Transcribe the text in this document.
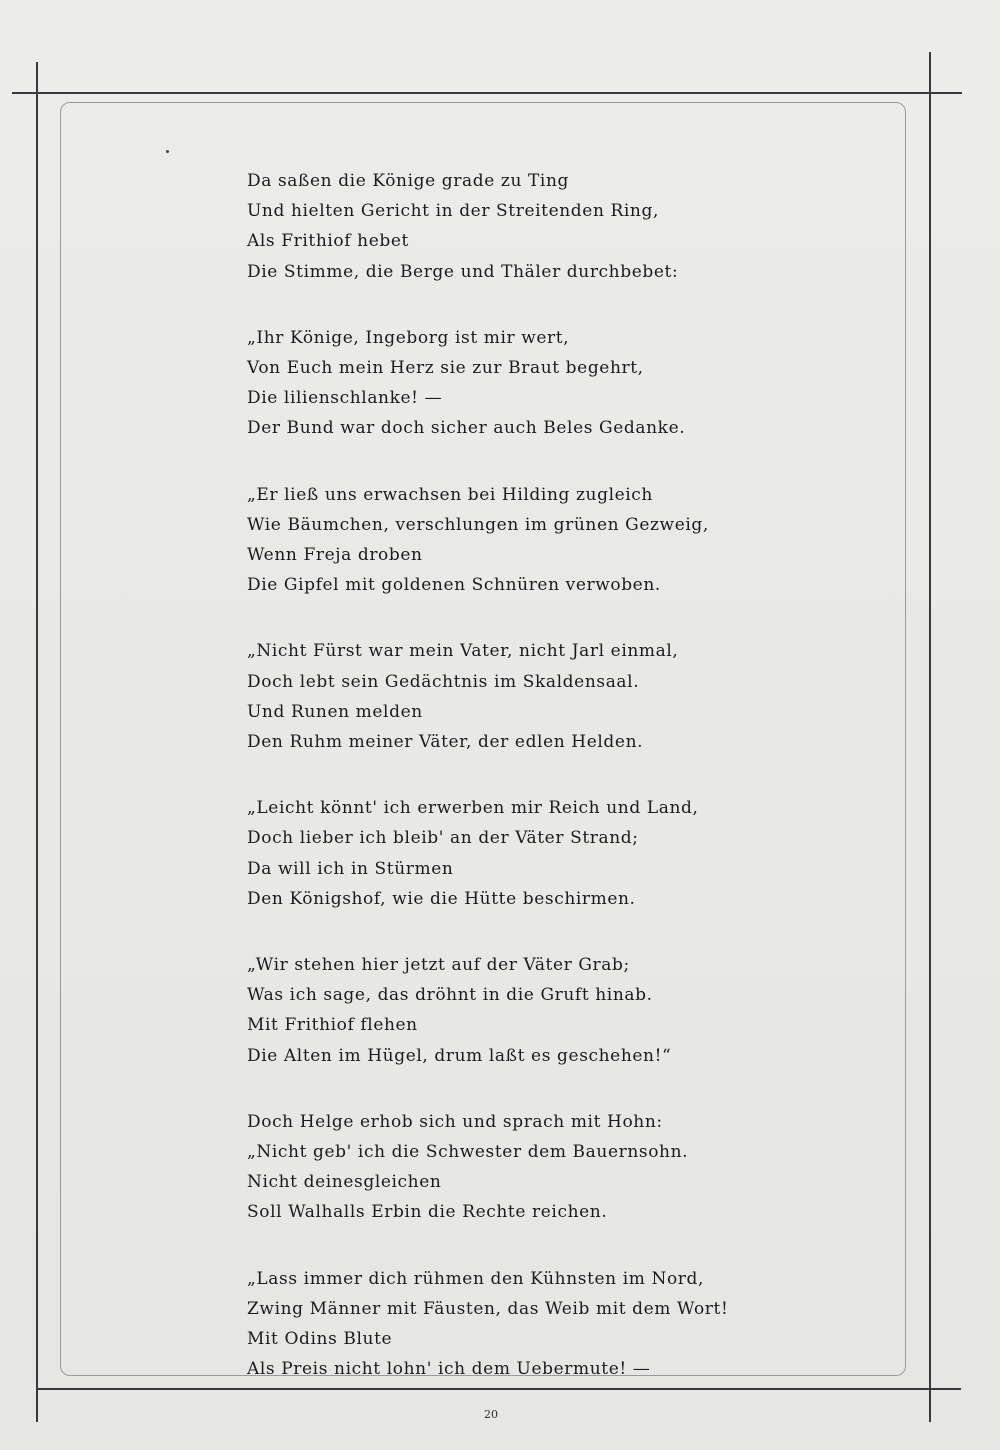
Da saßen die Könige grade zu Ting
Und hielten Gericht in der Streitenden Ring,
Als Frithiof hebet
Die Stimme, die Berge und Thäler durchbebet:
„Ihr Könige, Ingeborg ist mir wert,
Von Euch mein Herz sie zur Braut begehrt,
Die lilienschlanke! —
Der Bund war doch sicher auch Beles Gedanke.
„Er ließ uns erwachsen bei Hilding zugleich
Wie Bäumchen, verschlungen im grünen Gezweig,
Wenn Freja droben
Die Gipfel mit goldenen Schnüren verwoben.
„Nicht Fürst war mein Vater, nicht Jarl einmal,
Doch lebt sein Gedächtnis im Skaldensaal.
Und Runen melden
Den Ruhm meiner Väter, der edlen Helden.
„Leicht könnt' ich erwerben mir Reich und Land,
Doch lieber ich bleib' an der Väter Strand;
Da will ich in Stürmen
Den Königshof, wie die Hütte beschirmen.
„Wir stehen hier jetzt auf der Väter Grab;
Was ich sage, das dröhnt in die Gruft hinab.
Mit Frithiof flehen
Die Alten im Hügel, drum laßt es geschehen!“
Doch Helge erhob sich und sprach mit Hohn:
„Nicht geb' ich die Schwester dem Bauernsohn.
Nicht deinesgleichen
Soll Walhalls Erbin die Rechte reichen.
„Lass immer dich rühmen den Kühnsten im Nord,
Zwing Männer mit Fäusten, das Weib mit dem Wort!
Mit Odins Blute
Als Preis nicht lohn' ich dem Uebermute! —
20
